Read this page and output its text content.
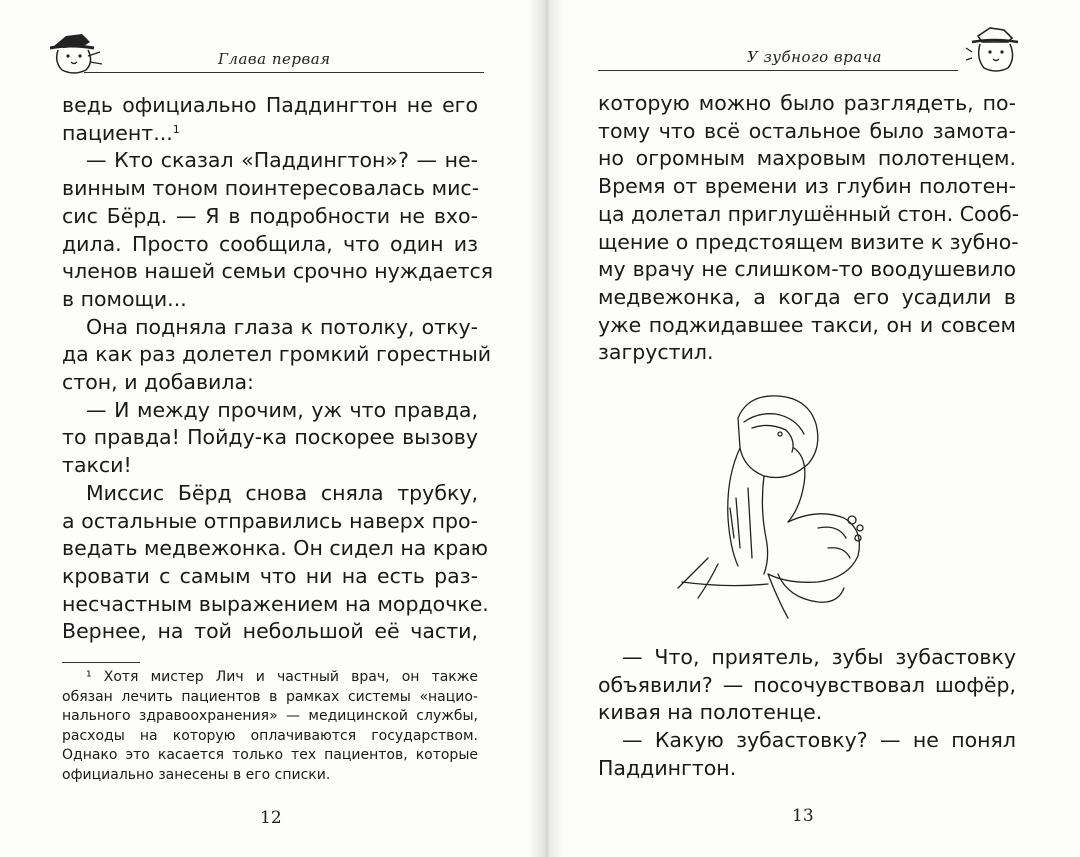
Глава первая
ведь официально Паддингтон не его
пациент...$^1$
— Кто сказал «Паддингтон»? — не-
винным тоном поинтересовалась мис-
сис Бёрд. — Я в подробности не вхо-
дила. Просто сообщила, что один из
членов нашей семьи срочно нуждается
в помощи...
Она подняла глаза к потолку, отку-
да как раз долетел громкий горестный
стон, и добавила:
— И между прочим, уж что правда,
то правда! Пойду-ка поскорее вызову
такси!
Миссис Бёрд снова сняла трубку,
а остальные отправились наверх про-
ведать медвежонка. Он сидел на краю
кровати с самым что ни на есть раз-
несчастным выражением на мордочке.
Вернее, на той небольшой её части,
¹ Хотя мистер Лич и частный врач, он также
обязан лечить пациентов в рамках системы «нацио-
нального здравоохранения» — медицинской службы,
расходы на которую оплачиваются государством.
Однако это касается только тех пациентов, которые
официально занесены в его списки.
12
У зубного врача
которую можно было разглядеть, по-
тому что всё остальное было замота-
но огромным махровым полотенцем.
Время от времени из глубин полотен-
ца долетал приглушённый стон. Сооб-
щение о предстоящем визите к зубно-
му врачу не слишком-то воодушевило
медвежонка, а когда его усадили в
уже поджидавшее такси, он и совсем
загрустил.
— Что, приятель, зубы зубастовку
объявили? — посочувствовал шофёр,
кивая на полотенце.
— Какую зубастовку? — не понял
Паддингтон.
13
